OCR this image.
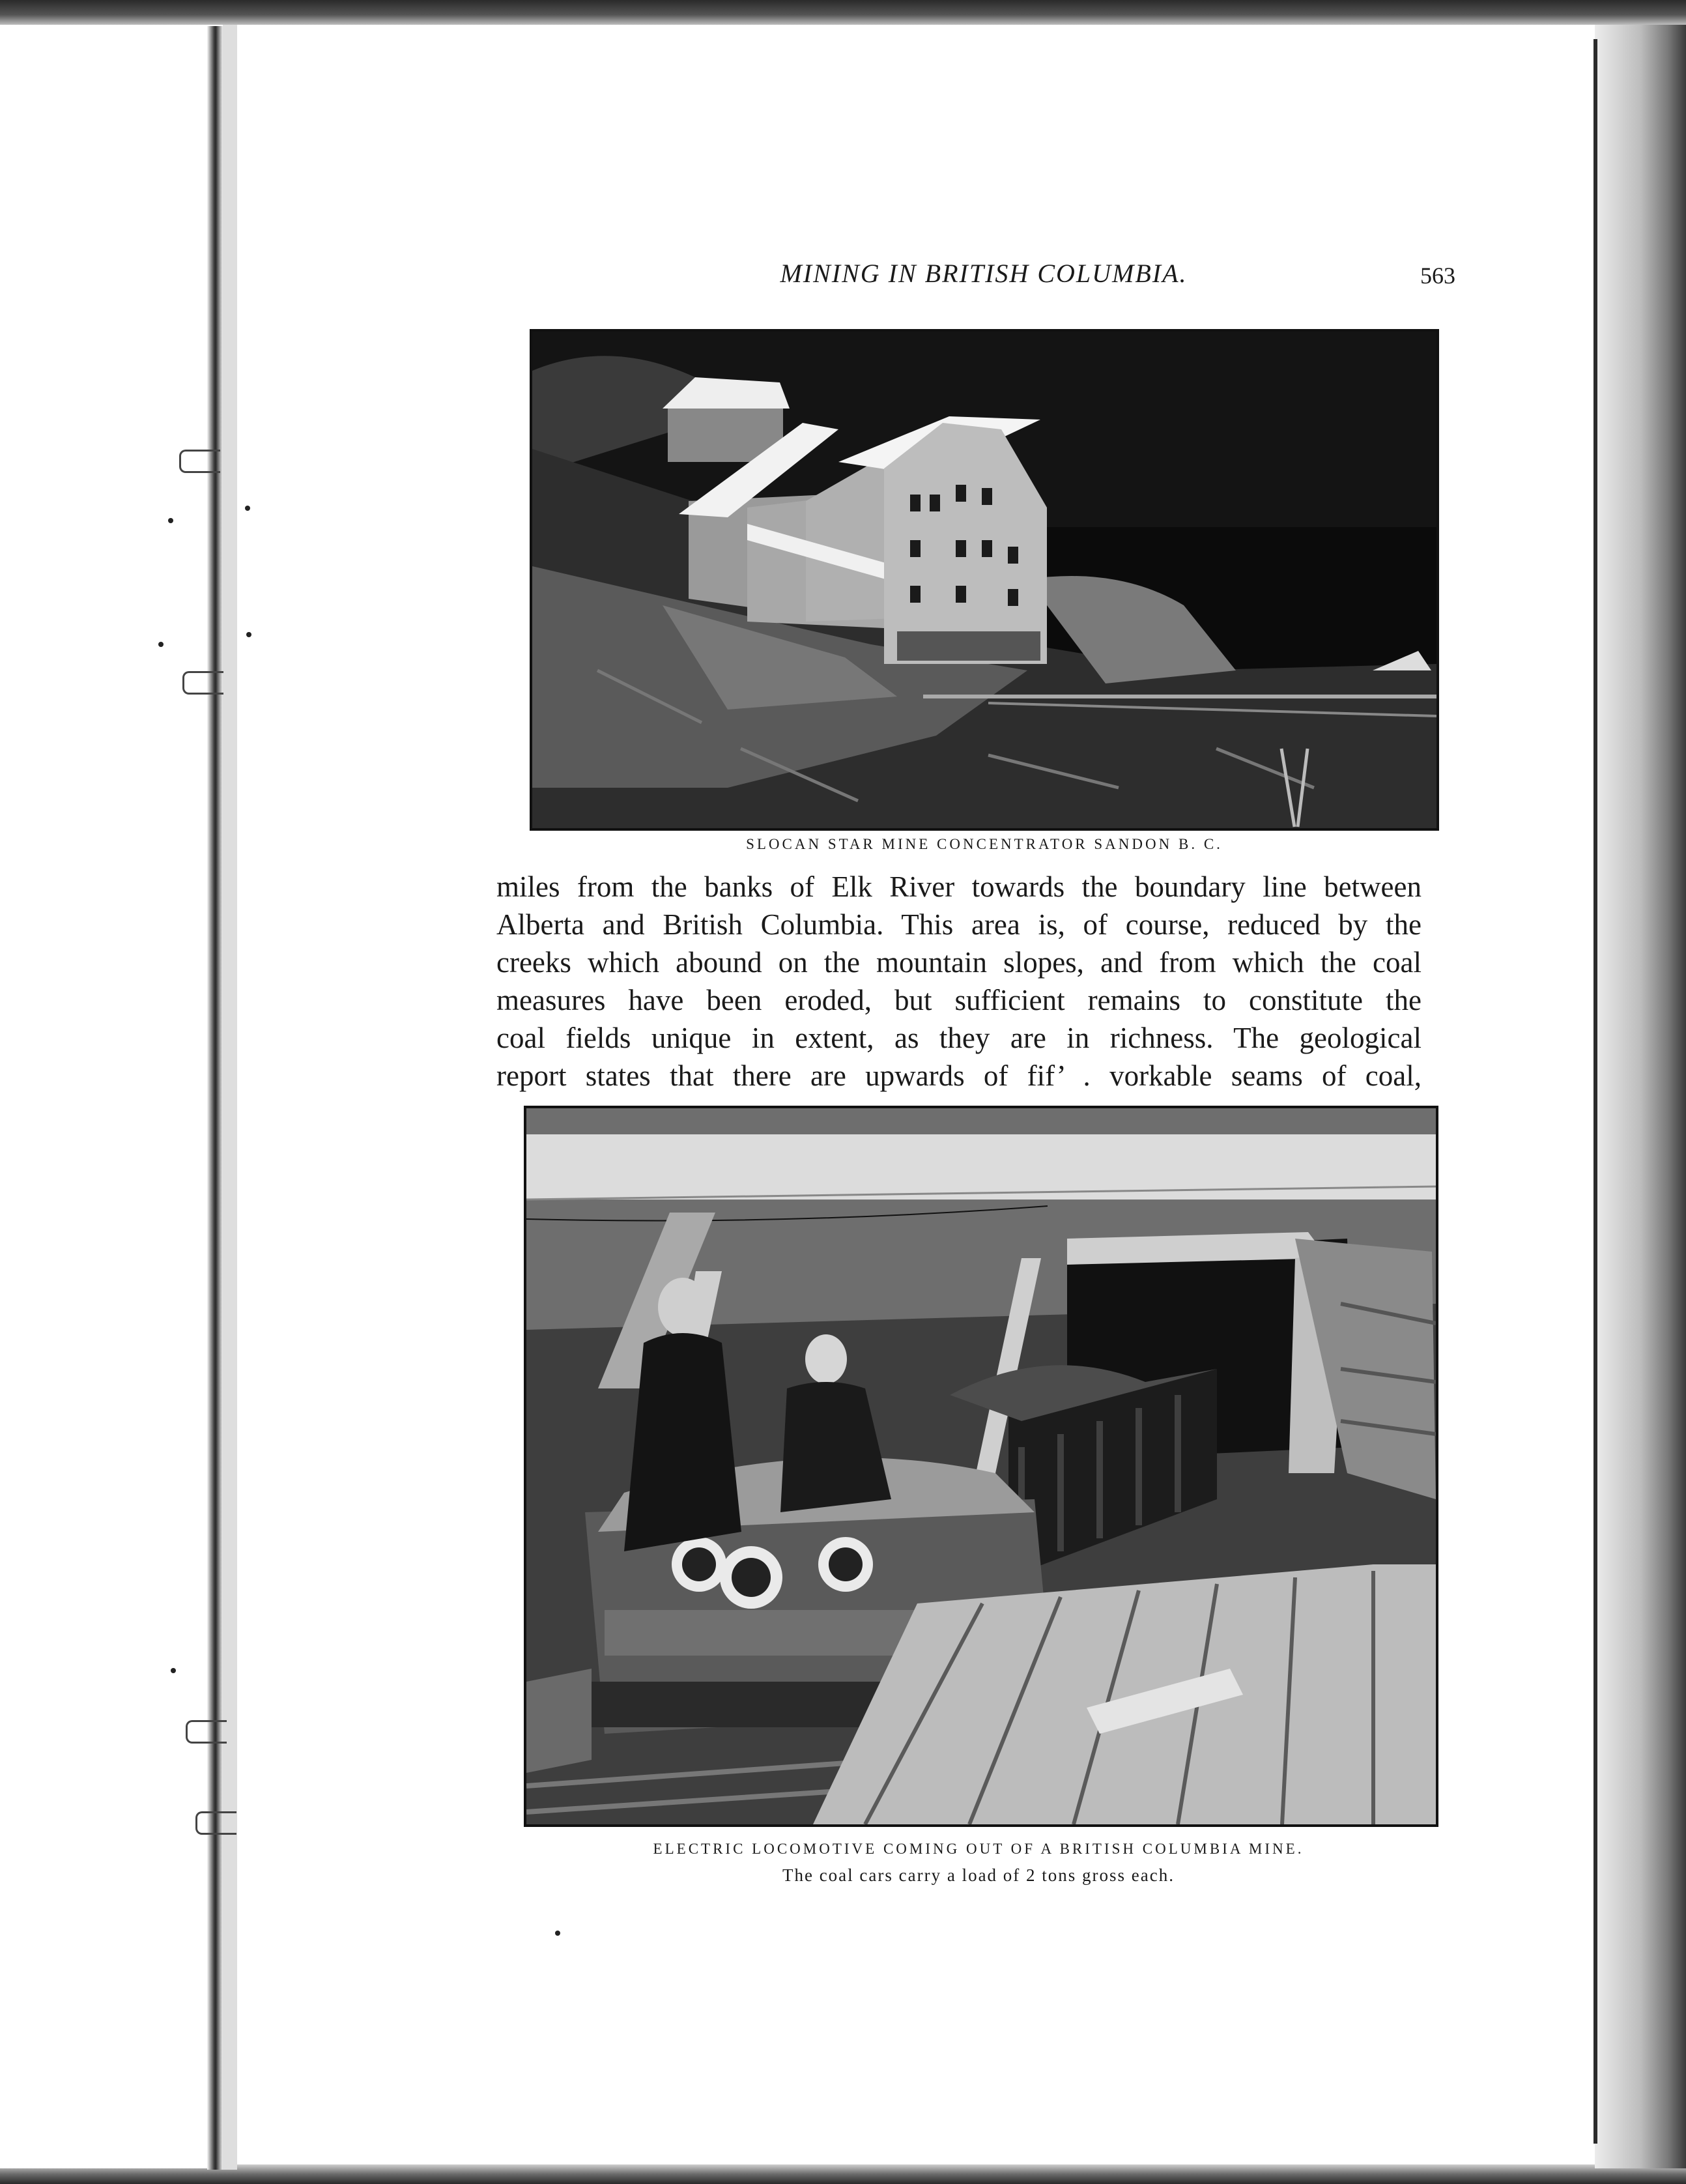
MINING IN BRITISH COLUMBIA.	563
SLOCAN STAR MINE CONCENTRATOR SANDON B. C.
miles from the banks of Elk River towards the boundary line between
Alberta and British Columbia. This area is, of course, reduced by the
creeks which abound on the mountain slopes, and from which the coal
measures have been eroded, but sufficient remains to constitute the
coal fields unique in extent, as they are in richness. The geological
report states that there are upwards of fif’ . vorkable seams of coal,
ELECTRIC LOCOMOTIVE COMING OUT OF A BRITISH COLUMBIA MINE.
The coal cars carry a load of 2 tons gross each.
